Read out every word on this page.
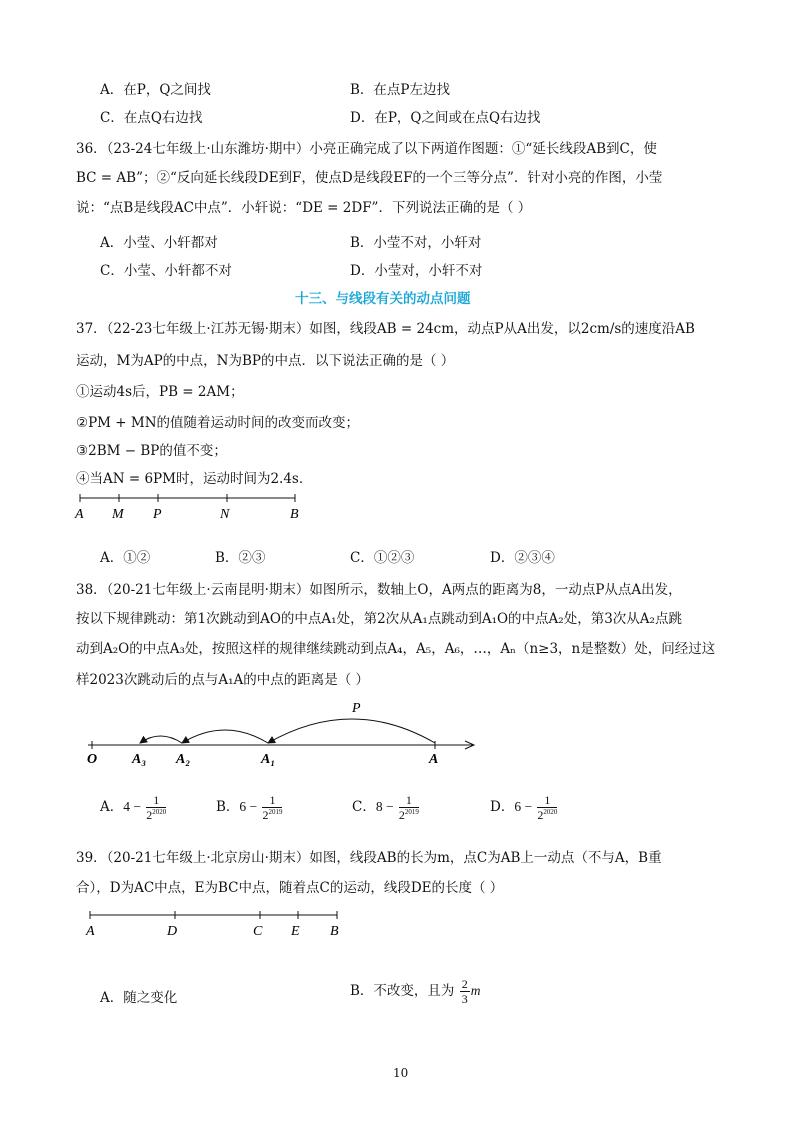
A．在P，Q之间找	B．在点P左边找
C．在点Q右边找	D．在P，Q之间或在点Q右边找
36．（23-24七年级上·山东潍坊·期中）小亮正确完成了以下两道作图题：①“延长线段AB到C，使
BC = AB”；②“反向延长线段DE到F，使点D是线段EF的一个三等分点”．针对小亮的作图，小莹
说：“点B是线段AC中点”．小轩说：“DE = 2DF”．下列说法正确的是（ ）
A．小莹、小轩都对	B．小莹不对，小轩对
C．小莹、小轩都不对	D．小莹对，小轩不对
十三、与线段有关的动点问题
37．（22-23七年级上·江苏无锡·期末）如图，线段AB = 24cm，动点P从A出发，以2cm/s的速度沿AB
运动，M为AP的中点，N为BP的中点．以下说法正确的是（ ）
①运动4s后，PB = 2AM；
②PM + MN的值随着运动时间的改变而改变；
③2BM − BP的值不变；
④当AN = 6PM时，运动时间为2.4s．
A M P	N	B
A．①②	B．②③	C．①②③	D．②③④
38．（20-21七年级上·云南昆明·期末）如图所示，数轴上O，A两点的距离为8，一动点P从点A出发，
按以下规律跳动：第1次跳动到AO的中点A₁处，第2次从A₁点跳动到A₁O的中点A₂处，第3次从A₂点跳
动到A₂O的中点A₃处，按照这样的规律继续跳动到点A₄，A₅，A₆，…，Aₙ（n≥3，n是整数）处，问经过这
样2023次跳动后的点与A₁A的中点的距离是（ ）
P
O A₃ A₂	A₁	A
A．$4 - \frac{1}{2^{2020}}$	B．$6 - \frac{1}{2^{2019}}$	C．$8 - \frac{1}{2^{2019}}$	D．$6 - \frac{1}{2^{2020}}$
39．（20-21七年级上·北京房山·期末）如图，线段AB的长为m，点C为AB上一动点（不与A，B重
合），D为AC中点，E为BC中点，随着点C的运动，线段DE的长度（ ）
A	D	C E B
A．随之变化	B．不改变，且为 $\frac{2}{3}$ m
10
